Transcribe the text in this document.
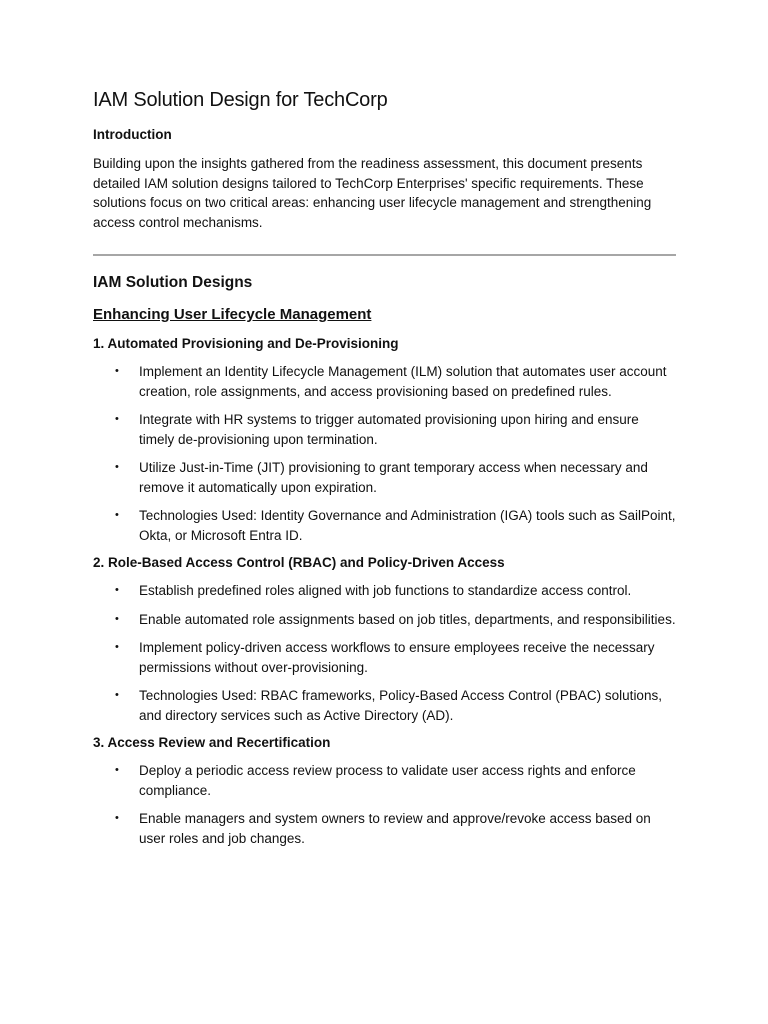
IAM Solution Design for TechCorp
Introduction

Building upon the insights gathered from the readiness assessment, this document presents detailed IAM solution designs tailored to TechCorp Enterprises' specific requirements. These solutions focus on two critical areas: enhancing user lifecycle management and strengthening access control mechanisms.

IAM Solution Designs
Enhancing User Lifecycle Management
1. Automated Provisioning and De-Provisioning
• Implement an Identity Lifecycle Management (ILM) solution that automates user account creation, role assignments, and access provisioning based on predefined rules.
• Integrate with HR systems to trigger automated provisioning upon hiring and ensure timely de-provisioning upon termination.
• Utilize Just-in-Time (JIT) provisioning to grant temporary access when necessary and remove it automatically upon expiration.
• Technologies Used: Identity Governance and Administration (IGA) tools such as SailPoint, Okta, or Microsoft Entra ID.
2. Role-Based Access Control (RBAC) and Policy-Driven Access
• Establish predefined roles aligned with job functions to standardize access control.
• Enable automated role assignments based on job titles, departments, and responsibilities.
• Implement policy-driven access workflows to ensure employees receive the necessary permissions without over-provisioning.
• Technologies Used: RBAC frameworks, Policy-Based Access Control (PBAC) solutions, and directory services such as Active Directory (AD).
3. Access Review and Recertification
• Deploy a periodic access review process to validate user access rights and enforce compliance.
• Enable managers and system owners to review and approve/revoke access based on user roles and job changes.
